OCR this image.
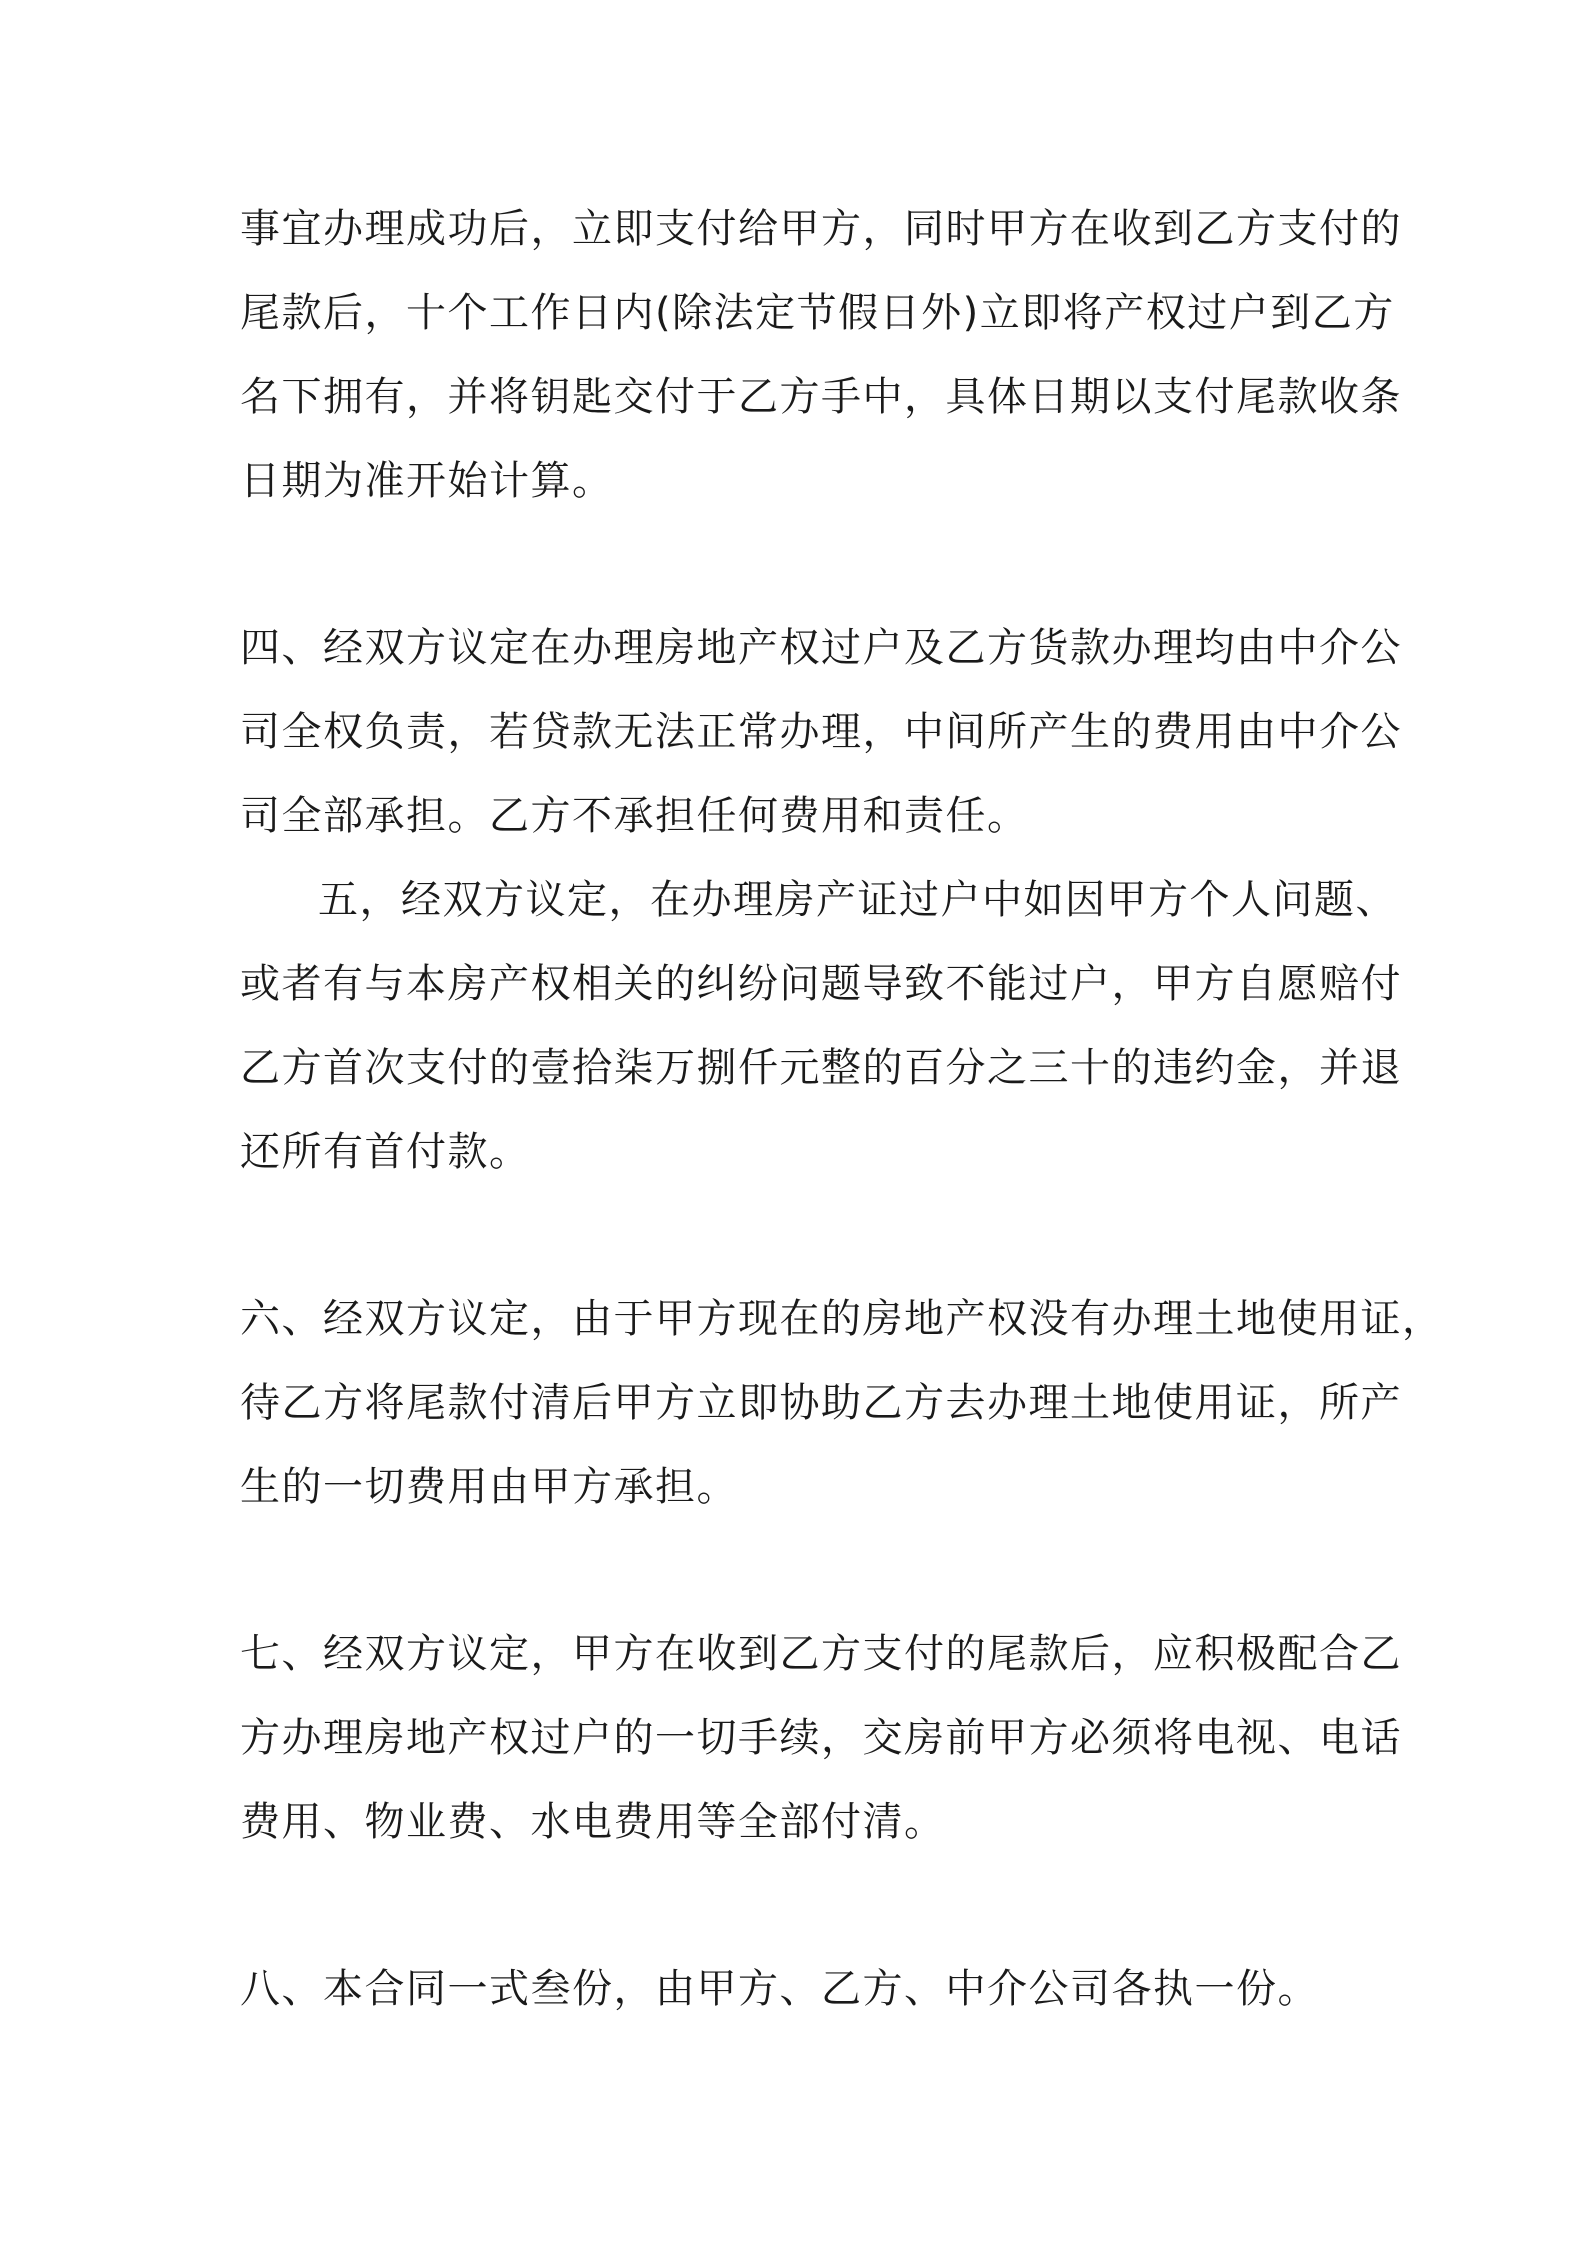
事宜办理成功后，立即支付给甲方，同时甲方在收到乙方支付的
尾款后，十个工作日内(除法定节假日外)立即将产权过户到乙方
名下拥有，并将钥匙交付于乙方手中，具体日期以支付尾款收条
日期为准开始计算。
四、经双方议定在办理房地产权过户及乙方货款办理均由中介公
司全权负责，若贷款无法正常办理，中间所产生的费用由中介公
司全部承担。乙方不承担任何费用和责任。
五，经双方议定，在办理房产证过户中如因甲方个人问题、
或者有与本房产权相关的纠纷问题导致不能过户，甲方自愿赔付
乙方首次支付的壹拾柒万捌仟元整的百分之三十的违约金，并退
还所有首付款。
六、经双方议定，由于甲方现在的房地产权没有办理土地使用证，
待乙方将尾款付清后甲方立即协助乙方去办理土地使用证，所产
生的一切费用由甲方承担。
七、经双方议定，甲方在收到乙方支付的尾款后，应积极配合乙
方办理房地产权过户的一切手续，交房前甲方必须将电视、电话
费用、物业费、水电费用等全部付清。
八、本合同一式叁份，由甲方、乙方、中介公司各执一份。
